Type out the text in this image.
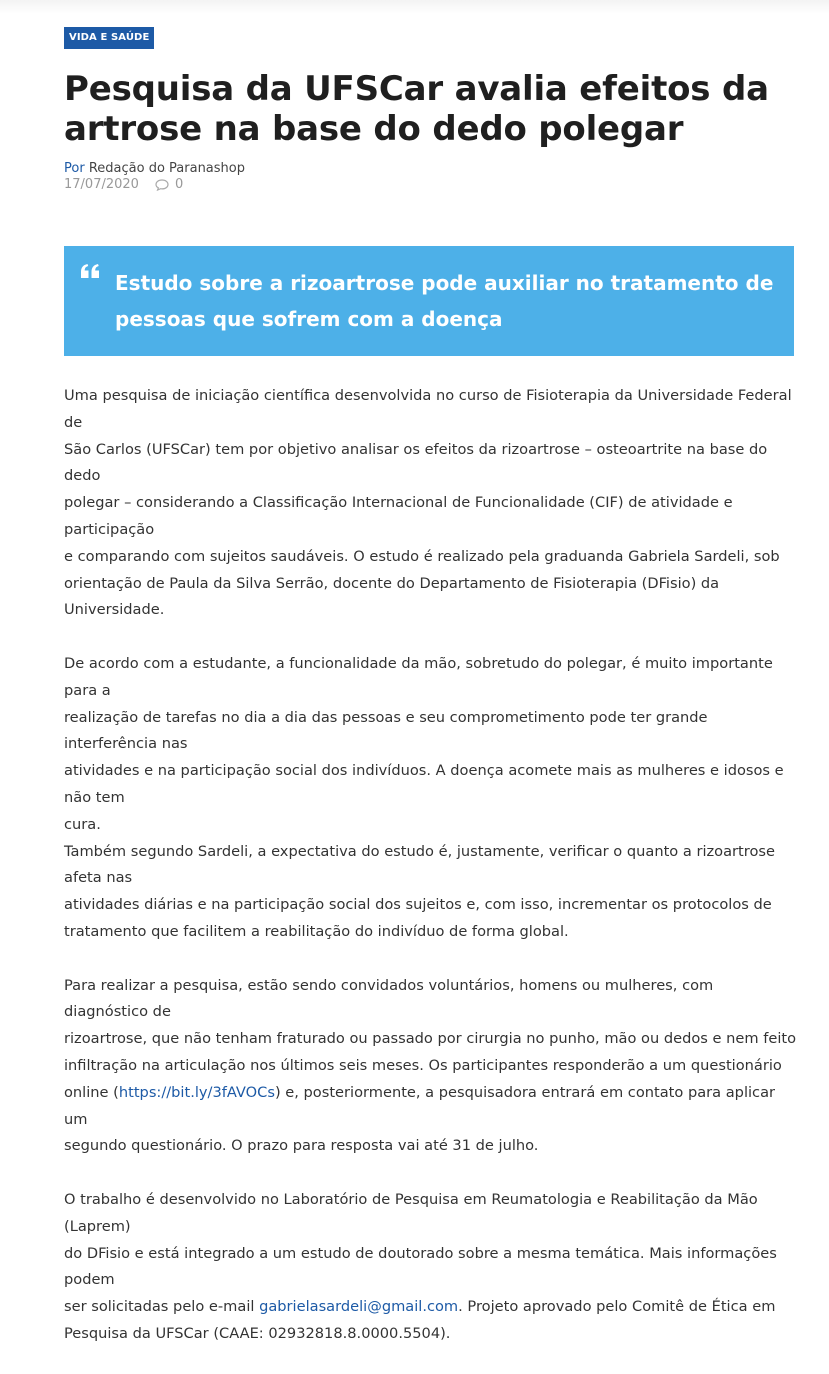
VIDA E SAÚDE
Pesquisa da UFSCar avalia efeitos da
artrose na base do dedo polegar
Por Redação do Paranashop
17/07/2020	0
Estudo sobre a rizoartrose pode auxiliar no tratamento de
pessoas que sofrem com a doença

Uma pesquisa de iniciação científica desenvolvida no curso de Fisioterapia da Universidade Federal de
São Carlos (UFSCar) tem por objetivo analisar os efeitos da rizoartrose – osteoartrite na base do dedo
polegar – considerando a Classificação Internacional de Funcionalidade (CIF) de atividade e participação
e comparando com sujeitos saudáveis. O estudo é realizado pela graduanda Gabriela Sardeli, sob
orientação de Paula da Silva Serrão, docente do Departamento de Fisioterapia (DFisio) da Universidade.

De acordo com a estudante, a funcionalidade da mão, sobretudo do polegar, é muito importante para a
realização de tarefas no dia a dia das pessoas e seu comprometimento pode ter grande interferência nas
atividades e na participação social dos indivíduos. A doença acomete mais as mulheres e idosos e não tem
cura.

Também segundo Sardeli, a expectativa do estudo é, justamente, verificar o quanto a rizoartrose afeta nas
atividades diárias e na participação social dos sujeitos e, com isso, incrementar os protocolos de
tratamento que facilitem a reabilitação do indivíduo de forma global.

Para realizar a pesquisa, estão sendo convidados voluntários, homens ou mulheres, com diagnóstico de
rizoartrose, que não tenham fraturado ou passado por cirurgia no punho, mão ou dedos e nem feito
infiltração na articulação nos últimos seis meses. Os participantes responderão a um questionário
online (https://bit.ly/3fAVOCs) e, posteriormente, a pesquisadora entrará em contato para aplicar um
segundo questionário. O prazo para resposta vai até 31 de julho.

O trabalho é desenvolvido no Laboratório de Pesquisa em Reumatologia e Reabilitação da Mão (Laprem)
do DFisio e está integrado a um estudo de doutorado sobre a mesma temática. Mais informações podem
ser solicitadas pelo e-mail gabrielasardeli@gmail.com. Projeto aprovado pelo Comitê de Ética em
Pesquisa da UFSCar (CAAE: 02932818.8.0000.5504).
